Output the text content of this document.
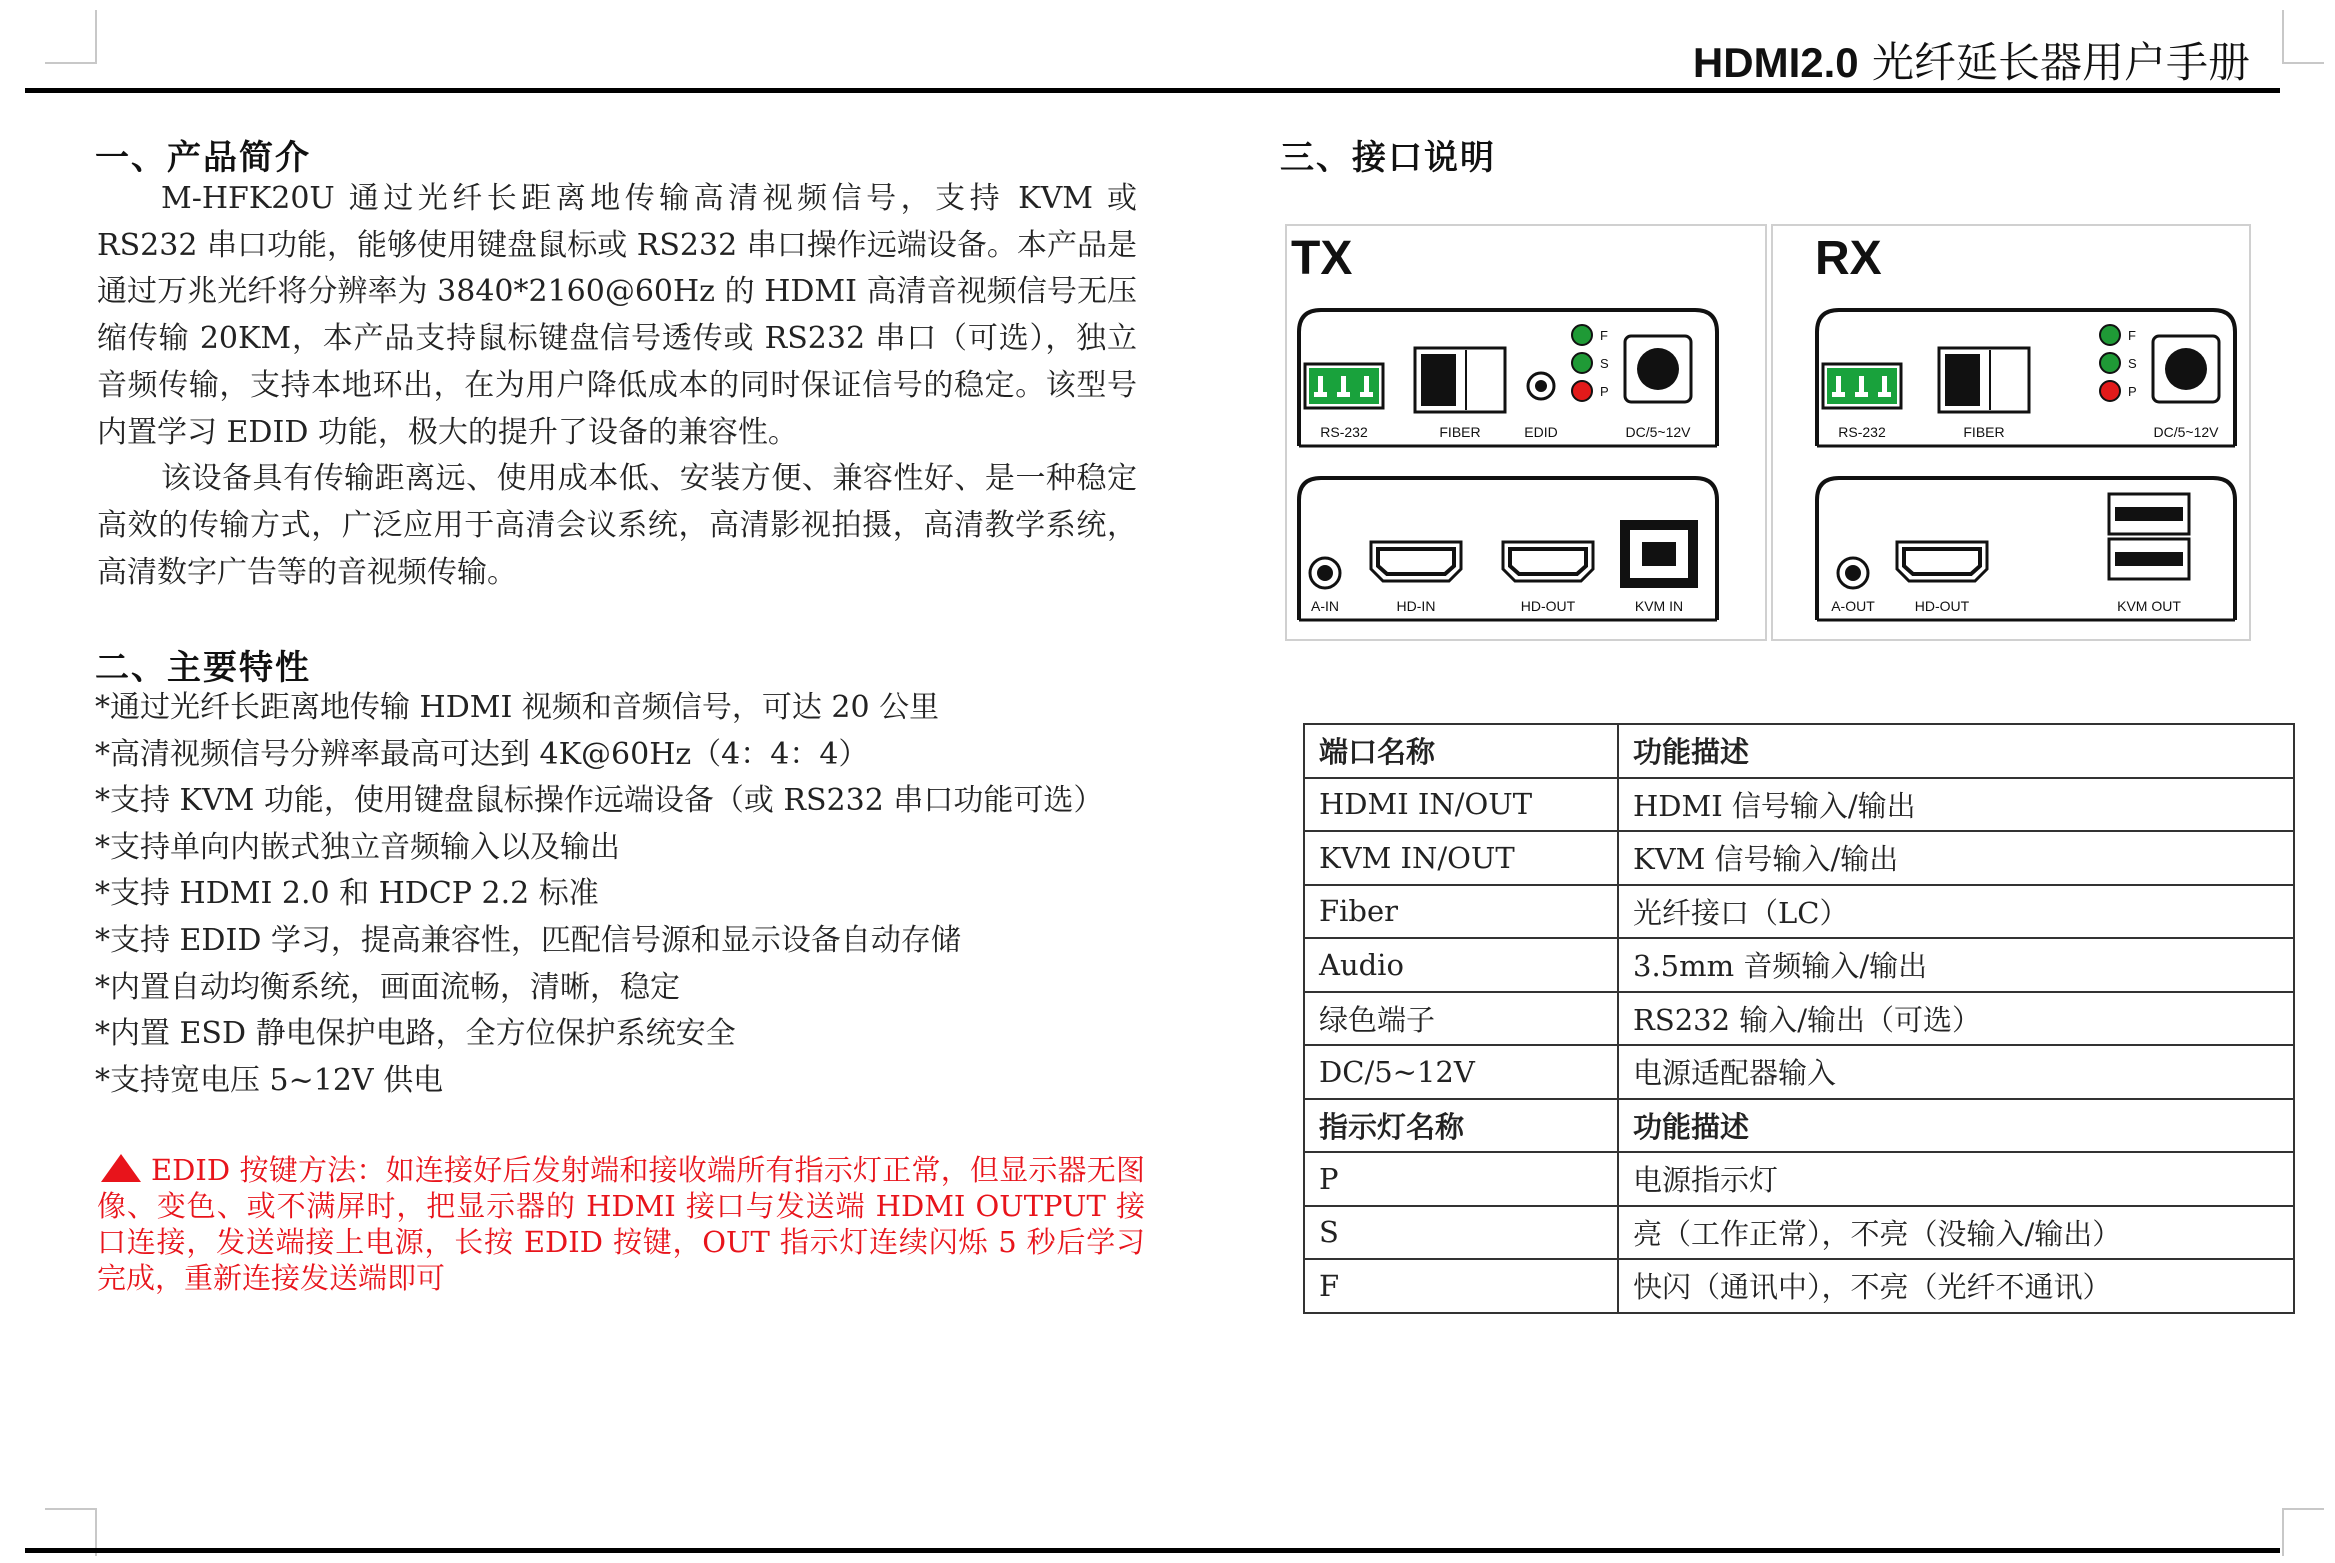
HDMI2.0 光纤延长器用户手册
一、产品简介

M-HFK20U 通过光纤长距离地传输高清视频信号，支持 KVM 或 RS232 串口功能，能够使用键盘鼠标或 RS232 串口操作远端设备。本产品是通过万兆光纤将分辨率为 3840*2160@60Hz 的 HDMI 高清音视频信号无压缩传输 20KM，本产品支持鼠标键盘信号透传或 RS232 串口（可选），独立音频传输，支持本地环出，在为用户降低成本的同时保证信号的稳定。该型号内置学习 EDID 功能，极大的提升了设备的兼容性。

该设备具有传输距离远、使用成本低、安装方便、兼容性好、是一种稳定高效的传输方式，广泛应用于高清会议系统，高清影视拍摄，高清教学系统，高清数字广告等的音视频传输。

二、主要特性
*通过光纤长距离地传输 HDMI 视频和音频信号，可达 20 公里
*高清视频信号分辨率最高可达到 4K@60Hz（4：4：4）
*支持 KVM 功能，使用键盘鼠标操作远端设备（或 RS232 串口功能可选）
*支持单向内嵌式独立音频输入以及输出
*支持 HDMI 2.0 和 HDCP 2.2 标准
*支持 EDID 学习，提高兼容性，匹配信号源和显示设备自动存储
*内置自动均衡系统，画面流畅，清晰，稳定
*内置 ESD 静电保护电路，全方位保护系统安全
*支持宽电压 5~12V 供电
EDID 按键方法：如连接好后发射端和接收端所有指示灯正常，但显示器无图像、变色、或不满屏时，把显示器的 HDMI 接口与发送端 HDMI OUTPUT 接口连接，发送端接上电源，长按 EDID 按键，OUT 指示灯连续闪烁 5 秒后学习完成，重新连接发送端即可
三、接口说明
TX
F
S
P
RS-232	FIBER	EDID	DC/5~12V
A-IN	HD-IN	HD-OUT	KVM IN
RX
F
S
P
RS-232	FIBER	DC/5~12V
A-OUT	HD-OUT	KVM OUT
端口名称	功能描述
HDMI IN/OUT	HDMI 信号输入/输出
KVM IN/OUT	KVM 信号输入/输出
Fiber	光纤接口（LC）
Audio	3.5mm 音频输入/输出
绿色端子	RS232 输入/输出（可选）
DC/5~12V	电源适配器输入
指示灯名称	功能描述
P	电源指示灯
S	亮（工作正常），不亮（没输入/输出）
F	快闪（通讯中），不亮（光纤不通讯）
